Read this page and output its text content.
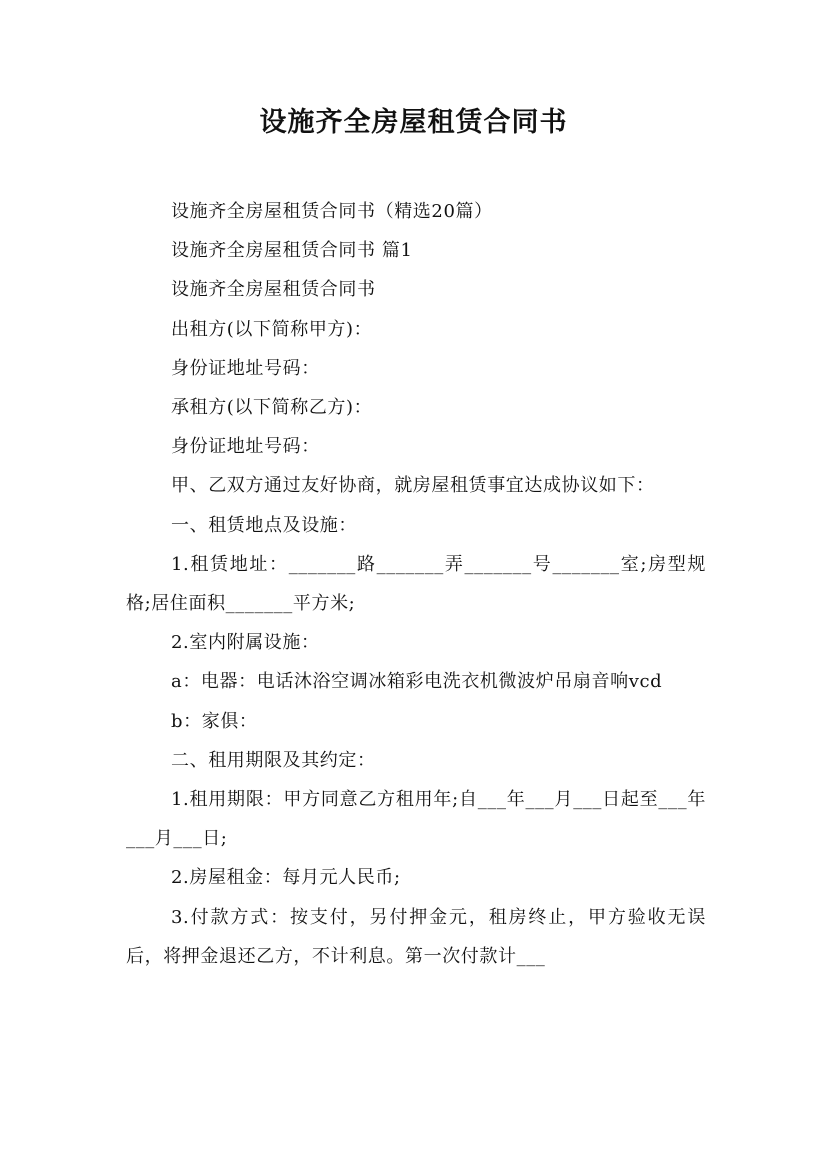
设施齐全房屋租赁合同书

设施齐全房屋租赁合同书（精选20篇）

设施齐全房屋租赁合同书 篇1

设施齐全房屋租赁合同书

出租方(以下简称甲方)：

身份证地址号码：

承租方(以下简称乙方)：

身份证地址号码：

甲、乙双方通过友好协商，就房屋租赁事宜达成协议如下：

一、租赁地点及设施：

1.租赁地址：_______路_______弄_______号_______室;房型规格;居住面积_______平方米;

2.室内附属设施：

a：电器：电话沐浴空调冰箱彩电洗衣机微波炉吊扇音响vcd

b：家俱：

二、租用期限及其约定：

1.租用期限：甲方同意乙方租用年;自___年___月___日起至___年___月___日;

2.房屋租金：每月元人民币;

3.付款方式：按支付，另付押金元，租房终止，甲方验收无误后，将押金退还乙方，不计利息。第一次付款计___
